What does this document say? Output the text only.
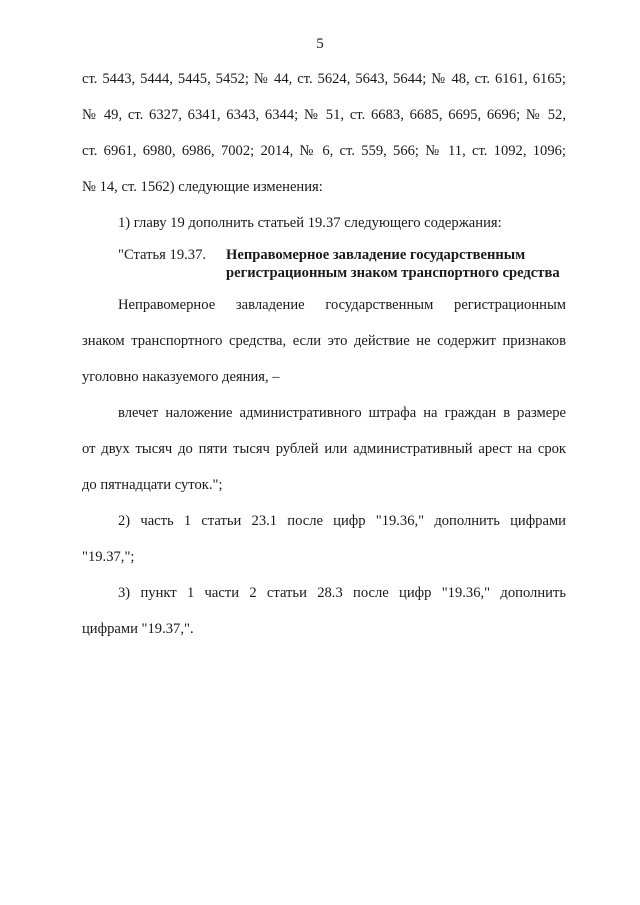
5
ст. 5443, 5444, 5445, 5452; № 44, ст. 5624, 5643, 5644; № 48, ст. 6161, 6165;
№ 49, ст. 6327, 6341, 6343, 6344; № 51, ст. 6683, 6685, 6695, 6696; № 52,
ст. 6961, 6980, 6986, 7002; 2014, № 6, ст. 559, 566; № 11, ст. 1092, 1096;
№ 14, ст. 1562) следующие изменения:
1) главу 19 дополнить статьей 19.37 следующего содержания:
"Статья 19.37. Неправомерное завладение государственным
регистрационным знаком транспортного средства
Неправомерное завладение государственным регистрационным
знаком транспортного средства, если это действие не содержит признаков
уголовно наказуемого деяния, –
влечет наложение административного штрафа на граждан в размере
от двух тысяч до пяти тысяч рублей или административный арест на срок
до пятнадцати суток.";
2) часть 1 статьи 23.1 после цифр "19.36," дополнить цифрами
"19.37,";
3) пункт 1 части 2 статьи 28.3 после цифр "19.36," дополнить
цифрами "19.37,".
